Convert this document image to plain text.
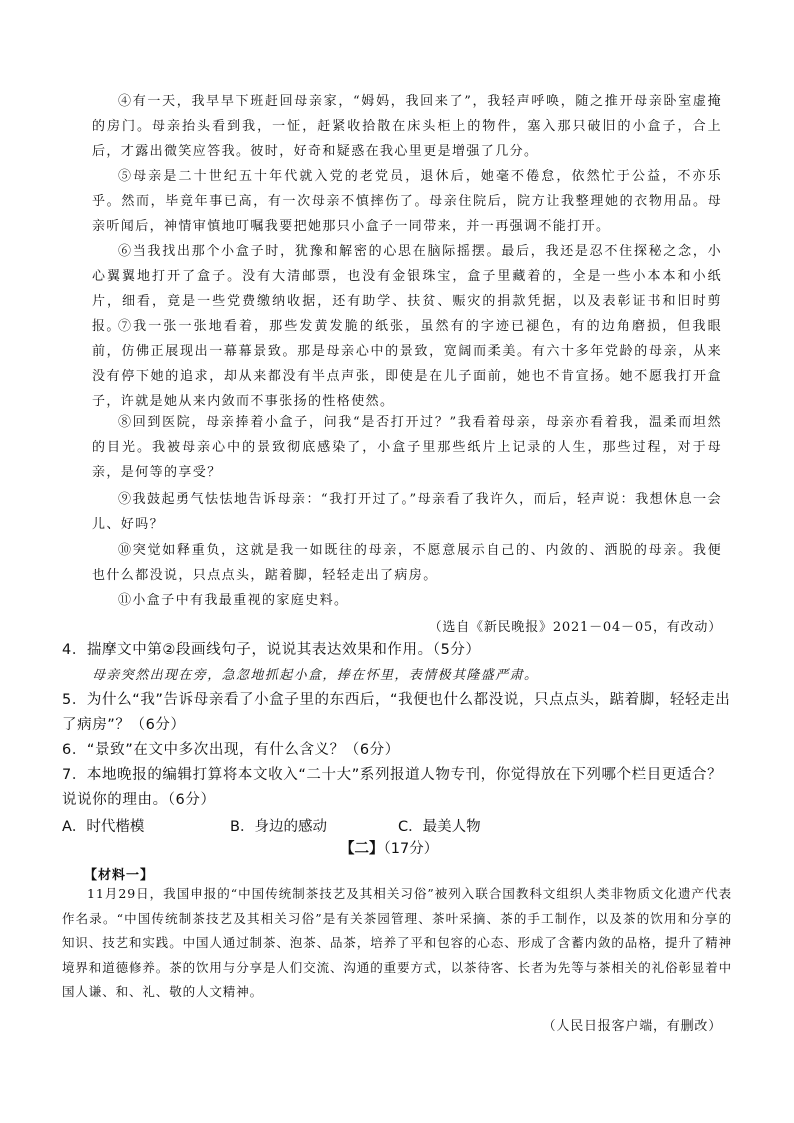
④有一天，我早早下班赶回母亲家，“姆妈，我回来了”，我轻声呼唤，随之推开母亲卧室虚掩的房门。母亲抬头看到我，一怔，赶紧收拾散在床头柜上的物件，塞入那只破旧的小盒子，合上后，才露出微笑应答我。彼时，好奇和疑惑在我心里更是增强了几分。

⑤母亲是二十世纪五十年代就入党的老党员，退休后，她毫不倦怠，依然忙于公益，不亦乐乎。然而，毕竟年事已高，有一次母亲不慎摔伤了。母亲住院后，院方让我整理她的衣物用品。母亲听闻后，神情审慎地叮嘱我要把她那只小盒子一同带来，并一再强调不能打开。

⑥当我找出那个小盒子时，犹豫和解密的心思在脑际摇摆。最后，我还是忍不住探秘之念，小心翼翼地打开了盒子。没有大清邮票，也没有金银珠宝，盒子里藏着的，全是一些小本本和小纸片，细看，竟是一些党费缴纳收据，还有助学、扶贫、赈灾的捐款凭据，以及表彰证书和旧时剪报。

⑦我一张一张地看着，那些发黄发脆的纸张，虽然有的字迹已褪色，有的边角磨损，但我眼前，仿佛正展现出一幕幕景致。那是母亲心中的景致，宽阔而柔美。有六十多年党龄的母亲，从来没有停下她的追求，却从来都没有半点声张，即使是在儿子面前，她也不肯宣扬。她不愿我打开盒子，许就是她从来内敛而不事张扬的性格使然。

⑧回到医院，母亲捧着小盒子，问我“是否打开过？”我看着母亲，母亲亦看着我，温柔而坦然的目光。我被母亲心中的景致彻底感染了，小盒子里那些纸片上记录的人生，那些过程，对于母亲，是何等的享受？

⑨我鼓起勇气怯怯地告诉母亲：“我打开过了。”母亲看了我许久，而后，轻声说：我想休息一会儿、好吗？

⑩突觉如释重负，这就是我一如既往的母亲，不愿意展示自己的、内敛的、洒脱的母亲。我便也什么都没说，只点点头，踮着脚，轻轻走出了病房。

⑪小盒子中有我最重视的家庭史料。

（选自《新民晚报》2021－04－05，有改动）

4．揣摩文中第②段画线句子，说说其表达效果和作用。（5分）

母亲突然出现在旁，急忽地抓起小盒，捧在怀里，表情极其隆盛严肃。

5．为什么“我”告诉母亲看了小盒子里的东西后，“我便也什么都没说，只点点头，踮着脚，轻轻走出了病房”？（6分）

6．“景致”在文中多次出现，有什么含义？（6分）

7．本地晚报的编辑打算将本文收入“二十大”系列报道人物专刊，你觉得放在下列哪个栏目更适合？说说你的理由。（6分）

A．时代楷模	B．身边的感动	C．最美人物
【二】（17分）
【材料一】

11月29日，我国申报的“中国传统制茶技艺及其相关习俗”被列入联合国教科文组织人类非物质文化遗产代表作名录。“中国传统制茶技艺及其相关习俗”是有关茶园管理、茶叶采摘、茶的手工制作，以及茶的饮用和分享的知识、技艺和实践。中国人通过制茶、泡茶、品茶，培养了平和包容的心态、形成了含蓄内敛的品格，提升了精神境界和道德修养。茶的饮用与分享是人们交流、沟通的重要方式，以茶待客、长者为先等与茶相关的礼俗彰显着中国人谦、和、礼、敬的人文精神。

（人民日报客户端，有删改）
